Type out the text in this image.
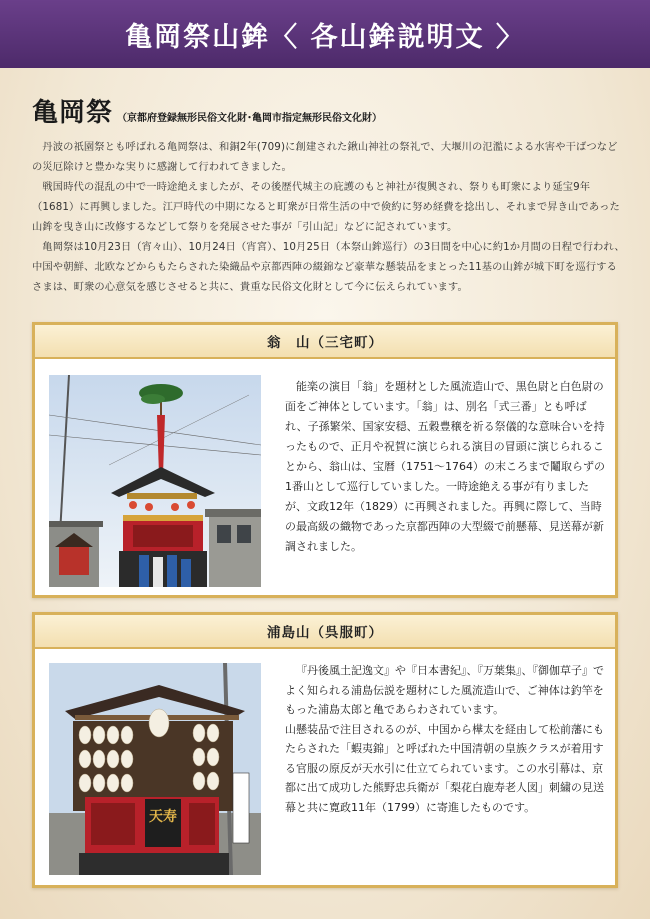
亀岡祭山鉾〈 各山鉾説明文 〉
亀岡祭 （京都府登録無形民俗文化財･亀岡市指定無形民俗文化財）

丹波の祇園祭とも呼ばれる亀岡祭は、和銅2年(709)に創建された鍬山神社の祭礼で、大堰川の氾濫による水害や干ばつなどの災厄除けと豊かな実りに感謝して行われてきました。

戦国時代の混乱の中で一時途絶えましたが、その後歴代城主の庇護のもと神社が復興され、祭りも町衆により延宝9年（1681）に再興しました。江戸時代の中期になると町衆が日常生活の中で倹約に努め経費を捻出し、それまで昇き山であった山鉾を曳き山に改修するなどして祭りを発展させた事が「引山記」などに記されています。

亀岡祭は10月23日（宵々山）、10月24日（宵宮）、10月25日（本祭山鉾巡行）の3日間を中心に約1か月間の日程で行われ、中国や朝鮮、北欧などからもたらされた染織品や京都西陣の綴錦など豪華な懸装品をまとった11基の山鉾が城下町を巡行するさまは、町衆の心意気を感じさせると共に、貴重な民俗文化財として今に伝えられています。

翁　山（三宅町）

能楽の演目「翁」を題材とした風流造山で、黒色尉と白色尉の面をご神体としています。「翁」は、別名「式三番」とも呼ばれ、子孫繁栄、国家安穏、五穀豊穣を祈る祭儀的な意味合いを持ったもので、正月や祝賀に演じられる演目の冒頭に演じられることから、翁山は、宝暦（1751～1764）の末ころまで鬮取らずの1番山として巡行していました。一時途絶える事が有りましたが、文政12年（1829）に再興されました。再興に際して、当時の最高級の織物であった京都西陣の大型綴で前懸幕、見送幕が新調されました。

浦島山（呉服町）
天寿

『丹後風土記逸文』や『日本書紀』、『万葉集』、『御伽草子』でよく知られる浦島伝説を題材にした風流造山で、ご神体は釣竿をもった浦島太郎と亀であらわされています。

山懸装品で注目されるのが、中国から樺太を経由して松前藩にもたらされた「蝦夷錦」と呼ばれた中国清朝の皇族クラスが着用する官服の原反が天水引に仕立てられています。この水引幕は、京都に出て成功した熊野忠兵衛が「梨花白鹿寿老人図」刺繍の見送幕と共に寛政11年（1799）に寄進したものです。
